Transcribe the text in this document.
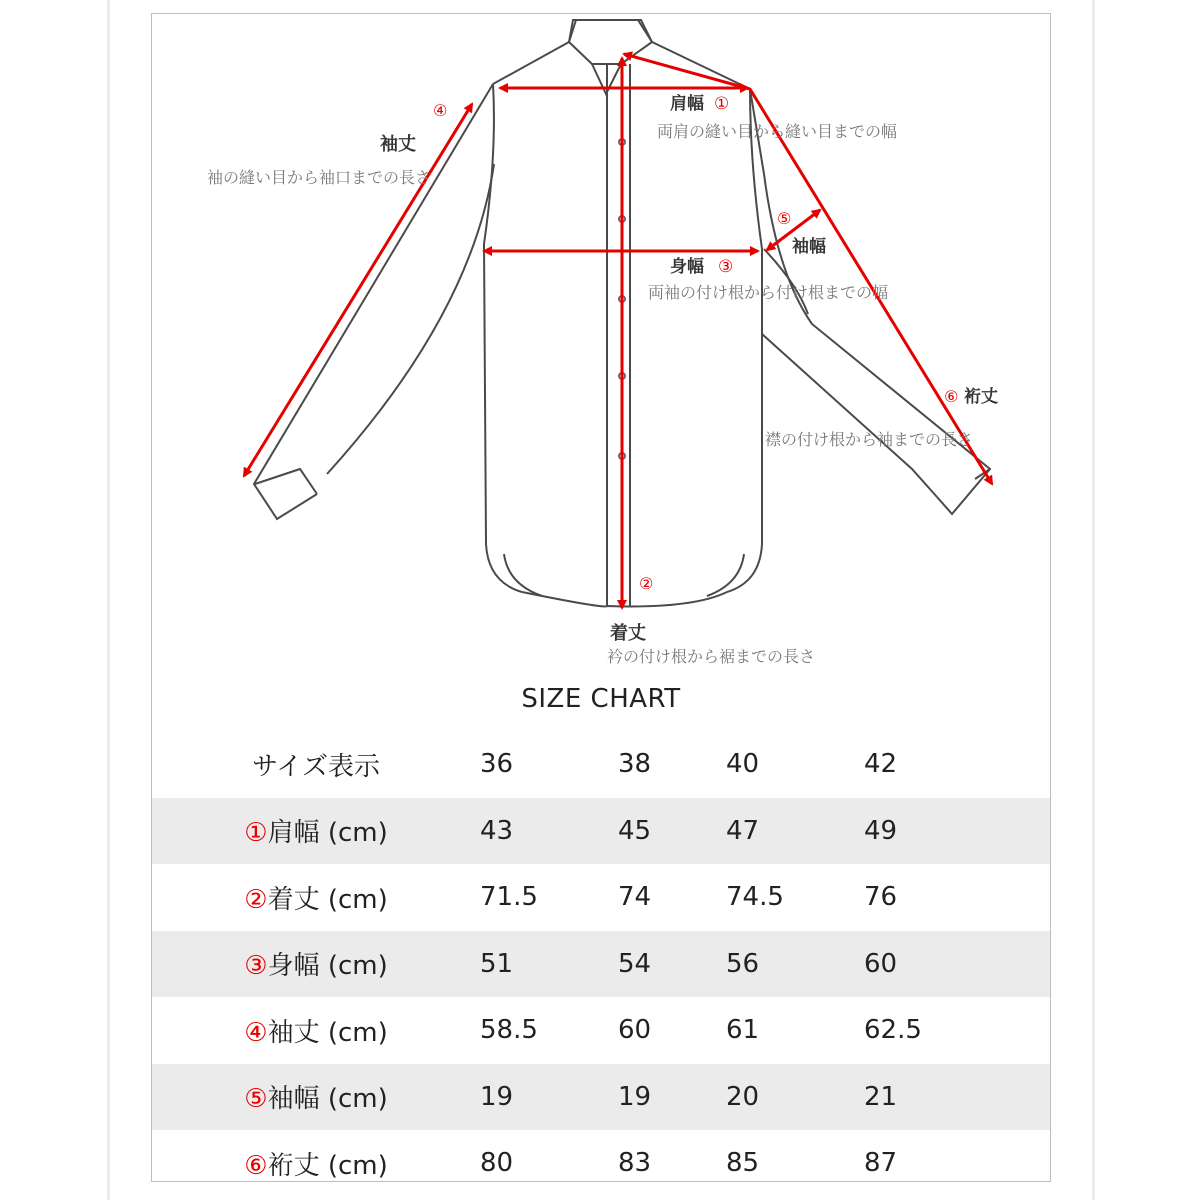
肩幅 ①
両肩の縫い目から縫い目までの幅
②
着丈
衿の付け根から裾までの長さ
身幅 ③
両袖の付け根から付け根までの幅
④
袖丈
袖の縫い目から袖口までの長さ
⑤
袖幅
⑥ 裄丈
襟の付け根から袖までの長さ
SIZE CHART
サイズ表示	36	38	40	42

①肩幅 (cm)	43	45	47	49

②着丈 (cm)	71.5	74	74.5	76

③身幅 (cm)	51	54	56	60

④袖丈 (cm)	58.5	60	61	62.5

⑤袖幅 (cm)	19	19	20	21

⑥裄丈 (cm)	80	83	85	87
